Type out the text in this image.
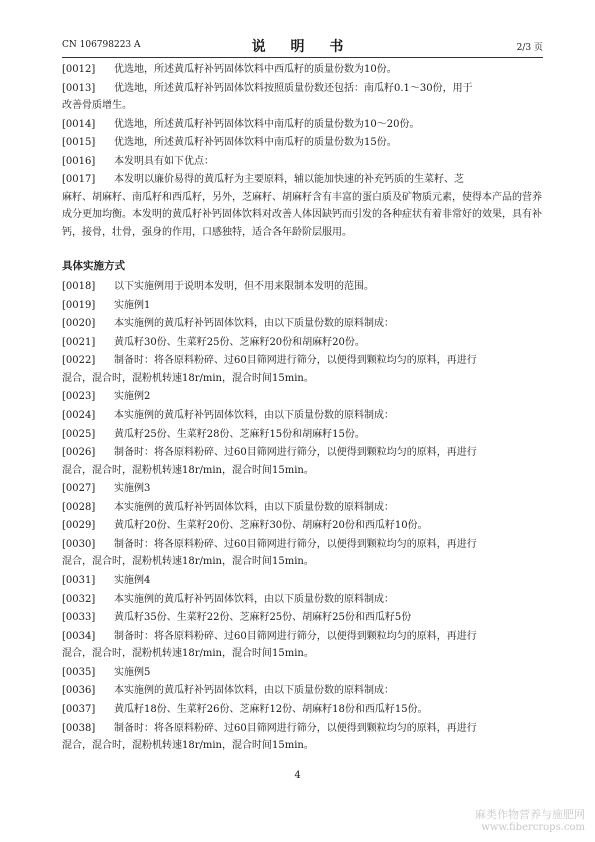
CN 106798223 A	说 明 书	2/3 页
[0012]	优选地，所述黄瓜籽补钙固体饮料中西瓜籽的质量份数为10份。
[0013]	优选地，所述黄瓜籽补钙固体饮料按照质量份数还包括：南瓜籽0.1～30份，用于
改善骨质增生。
[0014]	优选地，所述黄瓜籽补钙固体饮料中南瓜籽的质量份数为10～20份。
[0015]	优选地，所述黄瓜籽补钙固体饮料中南瓜籽的质量份数为15份。
[0016]	本发明具有如下优点：
[0017]	本发明以廉价易得的黄瓜籽为主要原料，辅以能加快速的补充钙质的生菜籽、芝
麻籽、胡麻籽、南瓜籽和西瓜籽，另外，芝麻籽、胡麻籽含有丰富的蛋白质及矿物质元素，使得本产品的营养成分更加均衡。本发明的黄瓜籽补钙固体饮料对改善人体因缺钙而引发的各种症状有着非常好的效果，具有补钙，接骨，壮骨，强身的作用，口感独特，适合各年龄阶层服用。
具体实施方式
[0018]	以下实施例用于说明本发明，但不用来限制本发明的范围。
[0019]	实施例1
[0020]	本实施例的黄瓜籽补钙固体饮料，由以下质量份数的原料制成：
[0021]	黄瓜籽30份、生菜籽25份、芝麻籽20份和胡麻籽20份。
[0022]	制备时：将各原料粉碎、过60目筛网进行筛分，以便得到颗粒均匀的原料，再进行
混合，混合时，混粉机转速18r/min，混合时间15min。
[0023]	实施例2
[0024]	本实施例的黄瓜籽补钙固体饮料，由以下质量份数的原料制成：
[0025]	黄瓜籽25份、生菜籽28份、芝麻籽15份和胡麻籽15份。
[0026]	制备时：将各原料粉碎、过60目筛网进行筛分，以便得到颗粒均匀的原料，再进行
混合，混合时，混粉机转速18r/min，混合时间15min。
[0027]	实施例3
[0028]	本实施例的黄瓜籽补钙固体饮料，由以下质量份数的原料制成：
[0029]	黄瓜籽20份、生菜籽20份、芝麻籽30份、胡麻籽20份和西瓜籽10份。
[0030]	制备时：将各原料粉碎、过60目筛网进行筛分，以便得到颗粒均匀的原料，再进行
混合，混合时，混粉机转速18r/min，混合时间15min。
[0031]	实施例4
[0032]	本实施例的黄瓜籽补钙固体饮料，由以下质量份数的原料制成：
[0033]	黄瓜籽35份、生菜籽22份、芝麻籽25份、胡麻籽25份和西瓜籽5份
[0034]	制备时：将各原料粉碎、过60目筛网进行筛分，以便得到颗粒均匀的原料，再进行
混合，混合时，混粉机转速18r/min，混合时间15min。
[0035]	实施例5
[0036]	本实施例的黄瓜籽补钙固体饮料，由以下质量份数的原料制成：
[0037]	黄瓜籽18份、生菜籽26份、芝麻籽12份、胡麻籽18份和西瓜籽15份。
[0038]	制备时：将各原料粉碎、过60目筛网进行筛分，以便得到颗粒均匀的原料，再进行
混合，混合时，混粉机转速18r/min，混合时间15min。
4
麻类作物营养与施肥网
www.fibercrops.com
